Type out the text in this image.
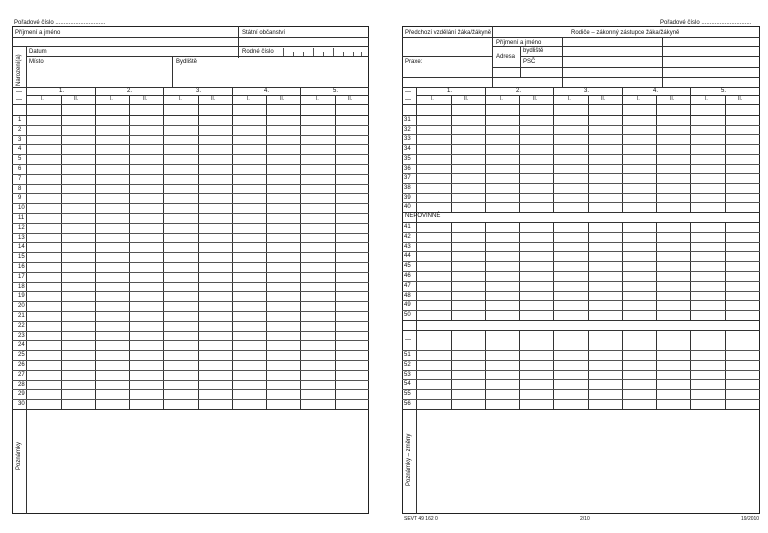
Pořadové číslo ..............................
Příjmení a jméno	Státní občanství
Narození(a)
Datum	Rodné číslo
Místo	Bydliště
—
—
1.	2.	3.	4.	5.
I.	II.	I.	II.	I.	II.	I.	II.	I.	II.
1
2
3
4
5
6
7
8
9
10
11
12
13
14
15
16
17
18
19
20
21
22
23
24
25
26
27
28
29
30
Poznámky
Pořadové číslo ..............................
Předchozí vzdělání žáka/žákyně	Rodiče – zákonný zástupce žáka/žákyně
Příjmení a jméno
Adresa
bydliště
PSČ
Praxe:
—
—
1.	2.	3.	4.	5.
I.	II.	I.	II.	I.	II.	I.	II.	I.	II.
31
32
33
34
35
36
37
38
39
40
41
42
43
44
45
46
47
48
49
50
51
52
53
54
55
56
NEPOVINNÉ
—
Poznámky – změny
SEVT 49 162 0	2/10	19/2010
